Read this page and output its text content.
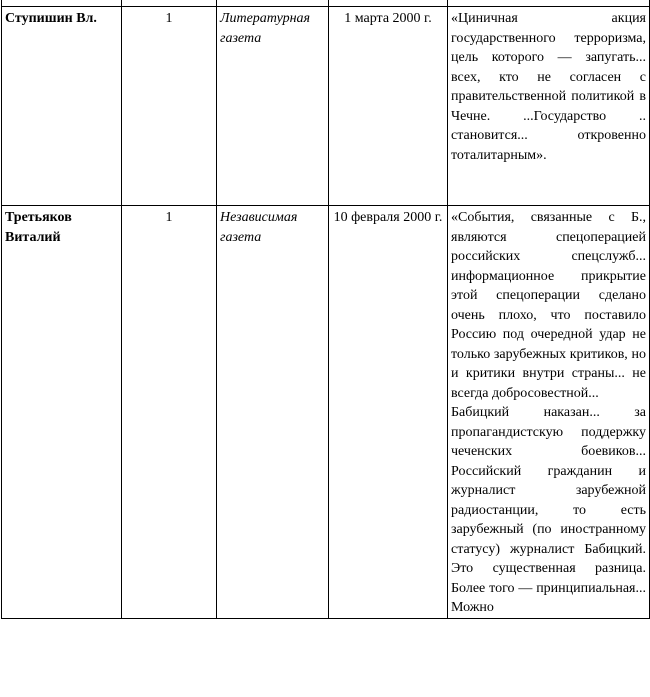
Ступишин Вл.	1	Литературная газета	1 марта 2000 г.	«Циничная акция государственного терроризма, цель которого — запугать... всех, кто не согласен с правительственной политикой в Чечне. ...Государство .. становится... откровенно тоталитарным».

Третьяков Виталий	1	Независимая газета	10 февраля 2000 г.	«События, связанные с Б., являются спецоперацией российских спецслужб... информационное прикрытие этой спецоперации сделано очень плохо, что поставило Россию под очередной удар не только зарубежных критиков, но и критики внутри страны... не всегда добросовестной...
Бабицкий наказан... за пропагандистскую поддержку чеченских боевиков... Российский гражданин и журналист зарубежной радиостанции, то есть зарубежный (по иностранному статусу) журналист Бабицкий. Это существенная разница. Более того — принципиальная... Можно
